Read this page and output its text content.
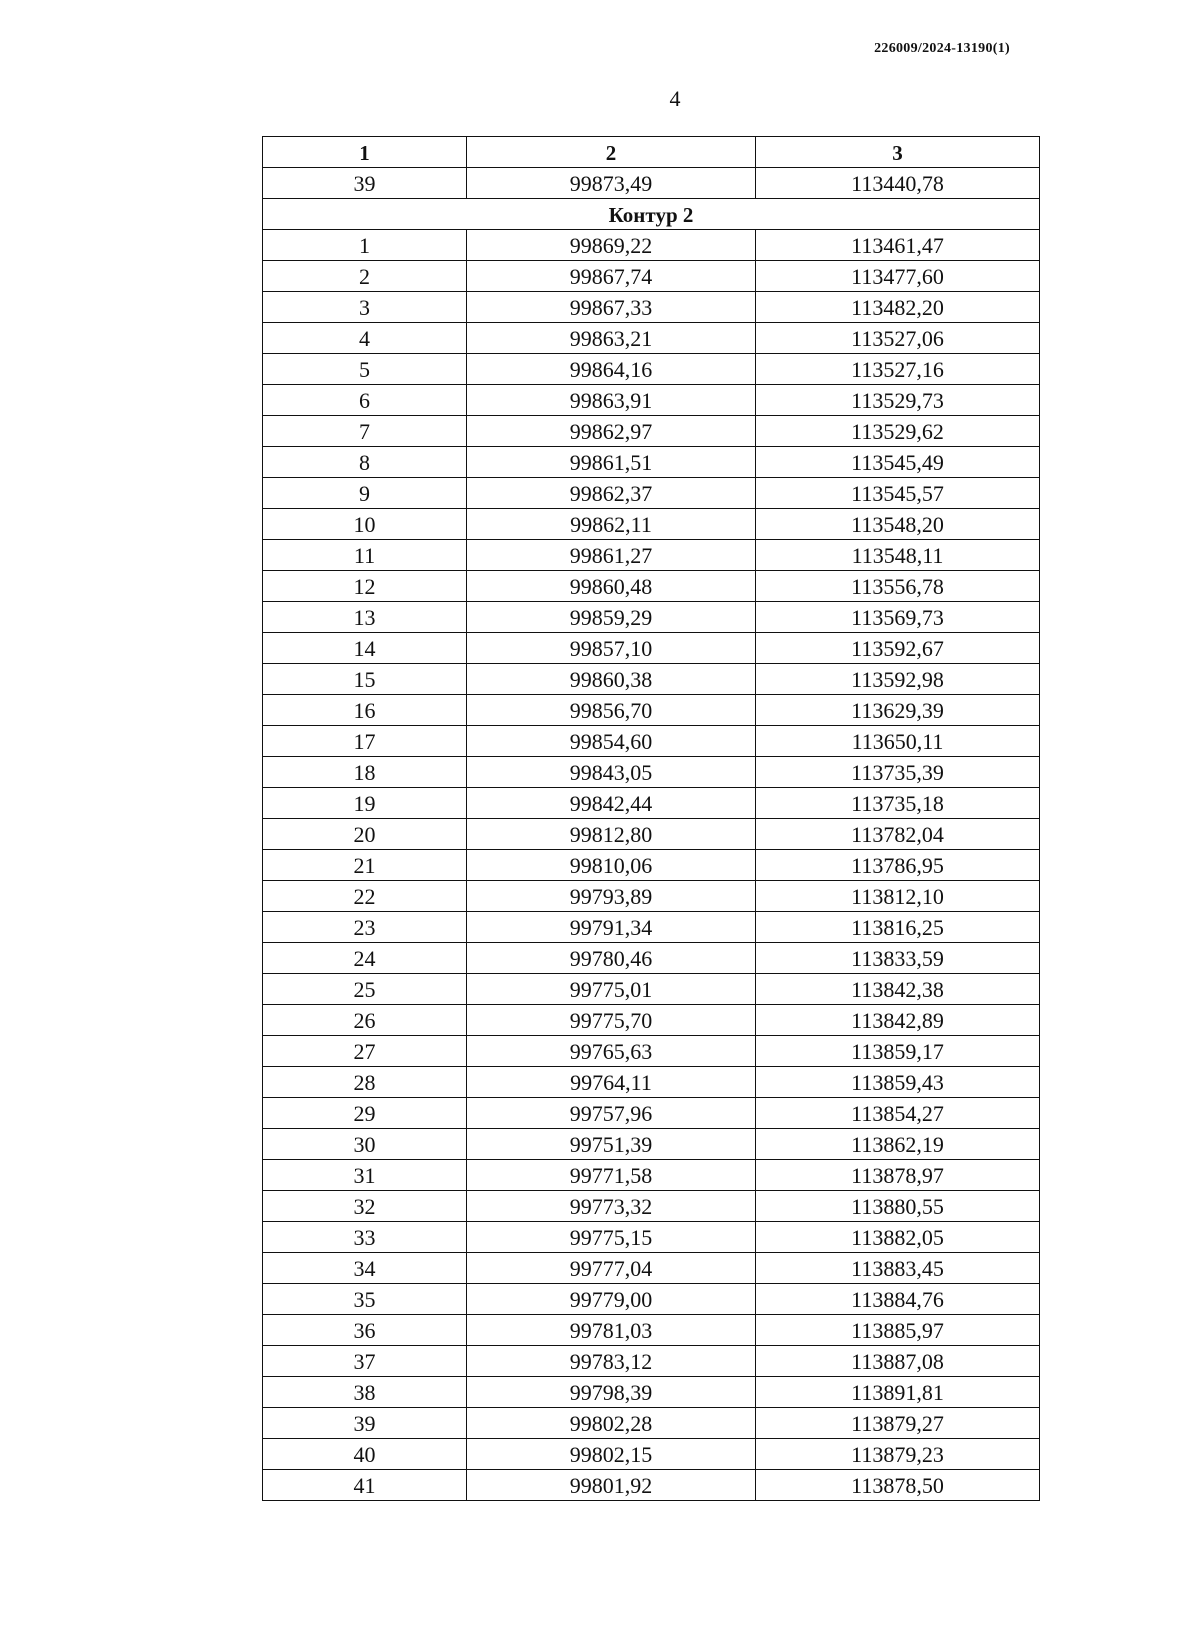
226009/2024-13190(1)
4
1	2	3
39	99873,49	113440,78
Контур 2		
1	99869,22	113461,47
2	99867,74	113477,60
3	99867,33	113482,20
4	99863,21	113527,06
5	99864,16	113527,16
6	99863,91	113529,73
7	99862,97	113529,62
8	99861,51	113545,49
9	99862,37	113545,57
10	99862,11	113548,20
11	99861,27	113548,11
12	99860,48	113556,78
13	99859,29	113569,73
14	99857,10	113592,67
15	99860,38	113592,98
16	99856,70	113629,39
17	99854,60	113650,11
18	99843,05	113735,39
19	99842,44	113735,18
20	99812,80	113782,04
21	99810,06	113786,95
22	99793,89	113812,10
23	99791,34	113816,25
24	99780,46	113833,59
25	99775,01	113842,38
26	99775,70	113842,89
27	99765,63	113859,17
28	99764,11	113859,43
29	99757,96	113854,27
30	99751,39	113862,19
31	99771,58	113878,97
32	99773,32	113880,55
33	99775,15	113882,05
34	99777,04	113883,45
35	99779,00	113884,76
36	99781,03	113885,97
37	99783,12	113887,08
38	99798,39	113891,81
39	99802,28	113879,27
40	99802,15	113879,23
41	99801,92	113878,50
